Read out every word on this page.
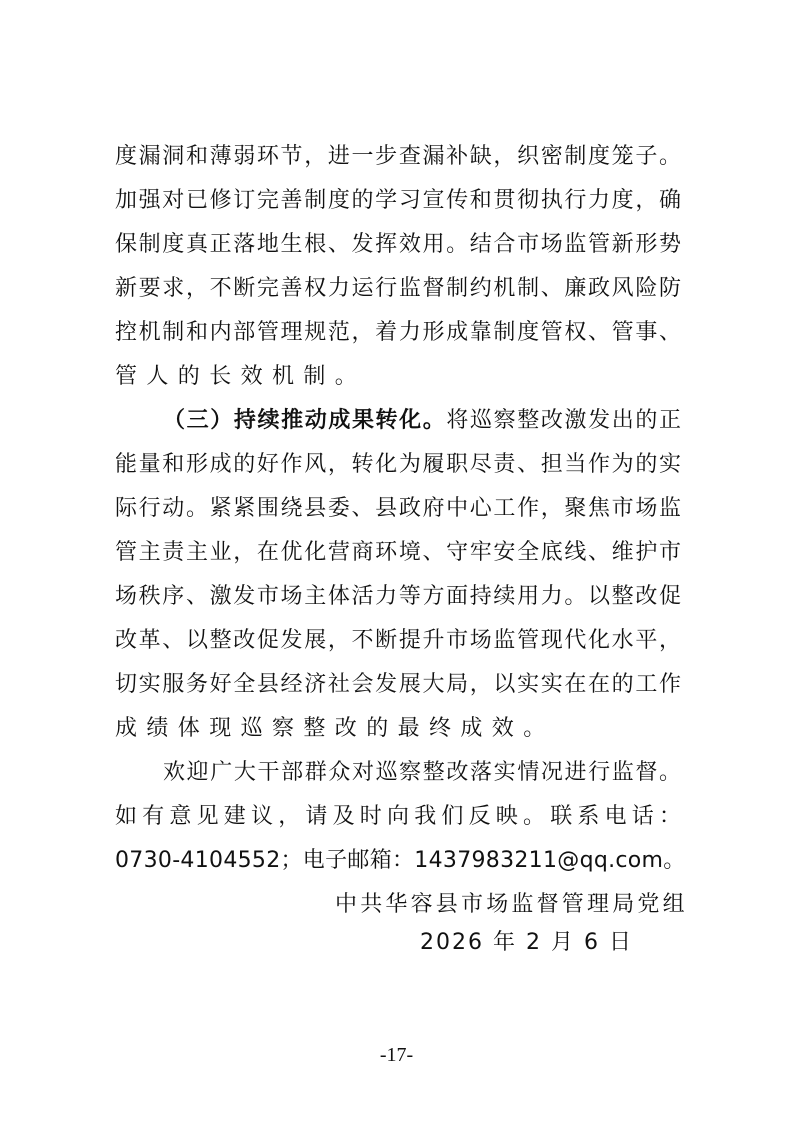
度漏洞和薄弱环节，进一步查漏补缺，织密制度笼子。
加强对已修订完善制度的学习宣传和贯彻执行力度，确
保制度真正落地生根、发挥效用。结合市场监管新形势
新要求，不断完善权力运行监督制约机制、廉政风险防
控机制和内部管理规范，着力形成靠制度管权、管事、
管人的长效机制。
（三）持续推动成果转化。将巡察整改激发出的正
能量和形成的好作风，转化为履职尽责、担当作为的实
际行动。紧紧围绕县委、县政府中心工作，聚焦市场监
管主责主业，在优化营商环境、守牢安全底线、维护市
场秩序、激发市场主体活力等方面持续用力。以整改促
改革、以整改促发展，不断提升市场监管现代化水平，
切实服务好全县经济社会发展大局，以实实在在的工作
成绩体现巡察整改的最终成效。
欢迎广大干部群众对巡察整改落实情况进行监督。
如有意见建议，请及时向我们反映。联系电话：
0730-4104552；电子邮箱：1437983211@qq.com。
中共华容县市场监督管理局党组
2026 年 2 月 6 日
-17-
